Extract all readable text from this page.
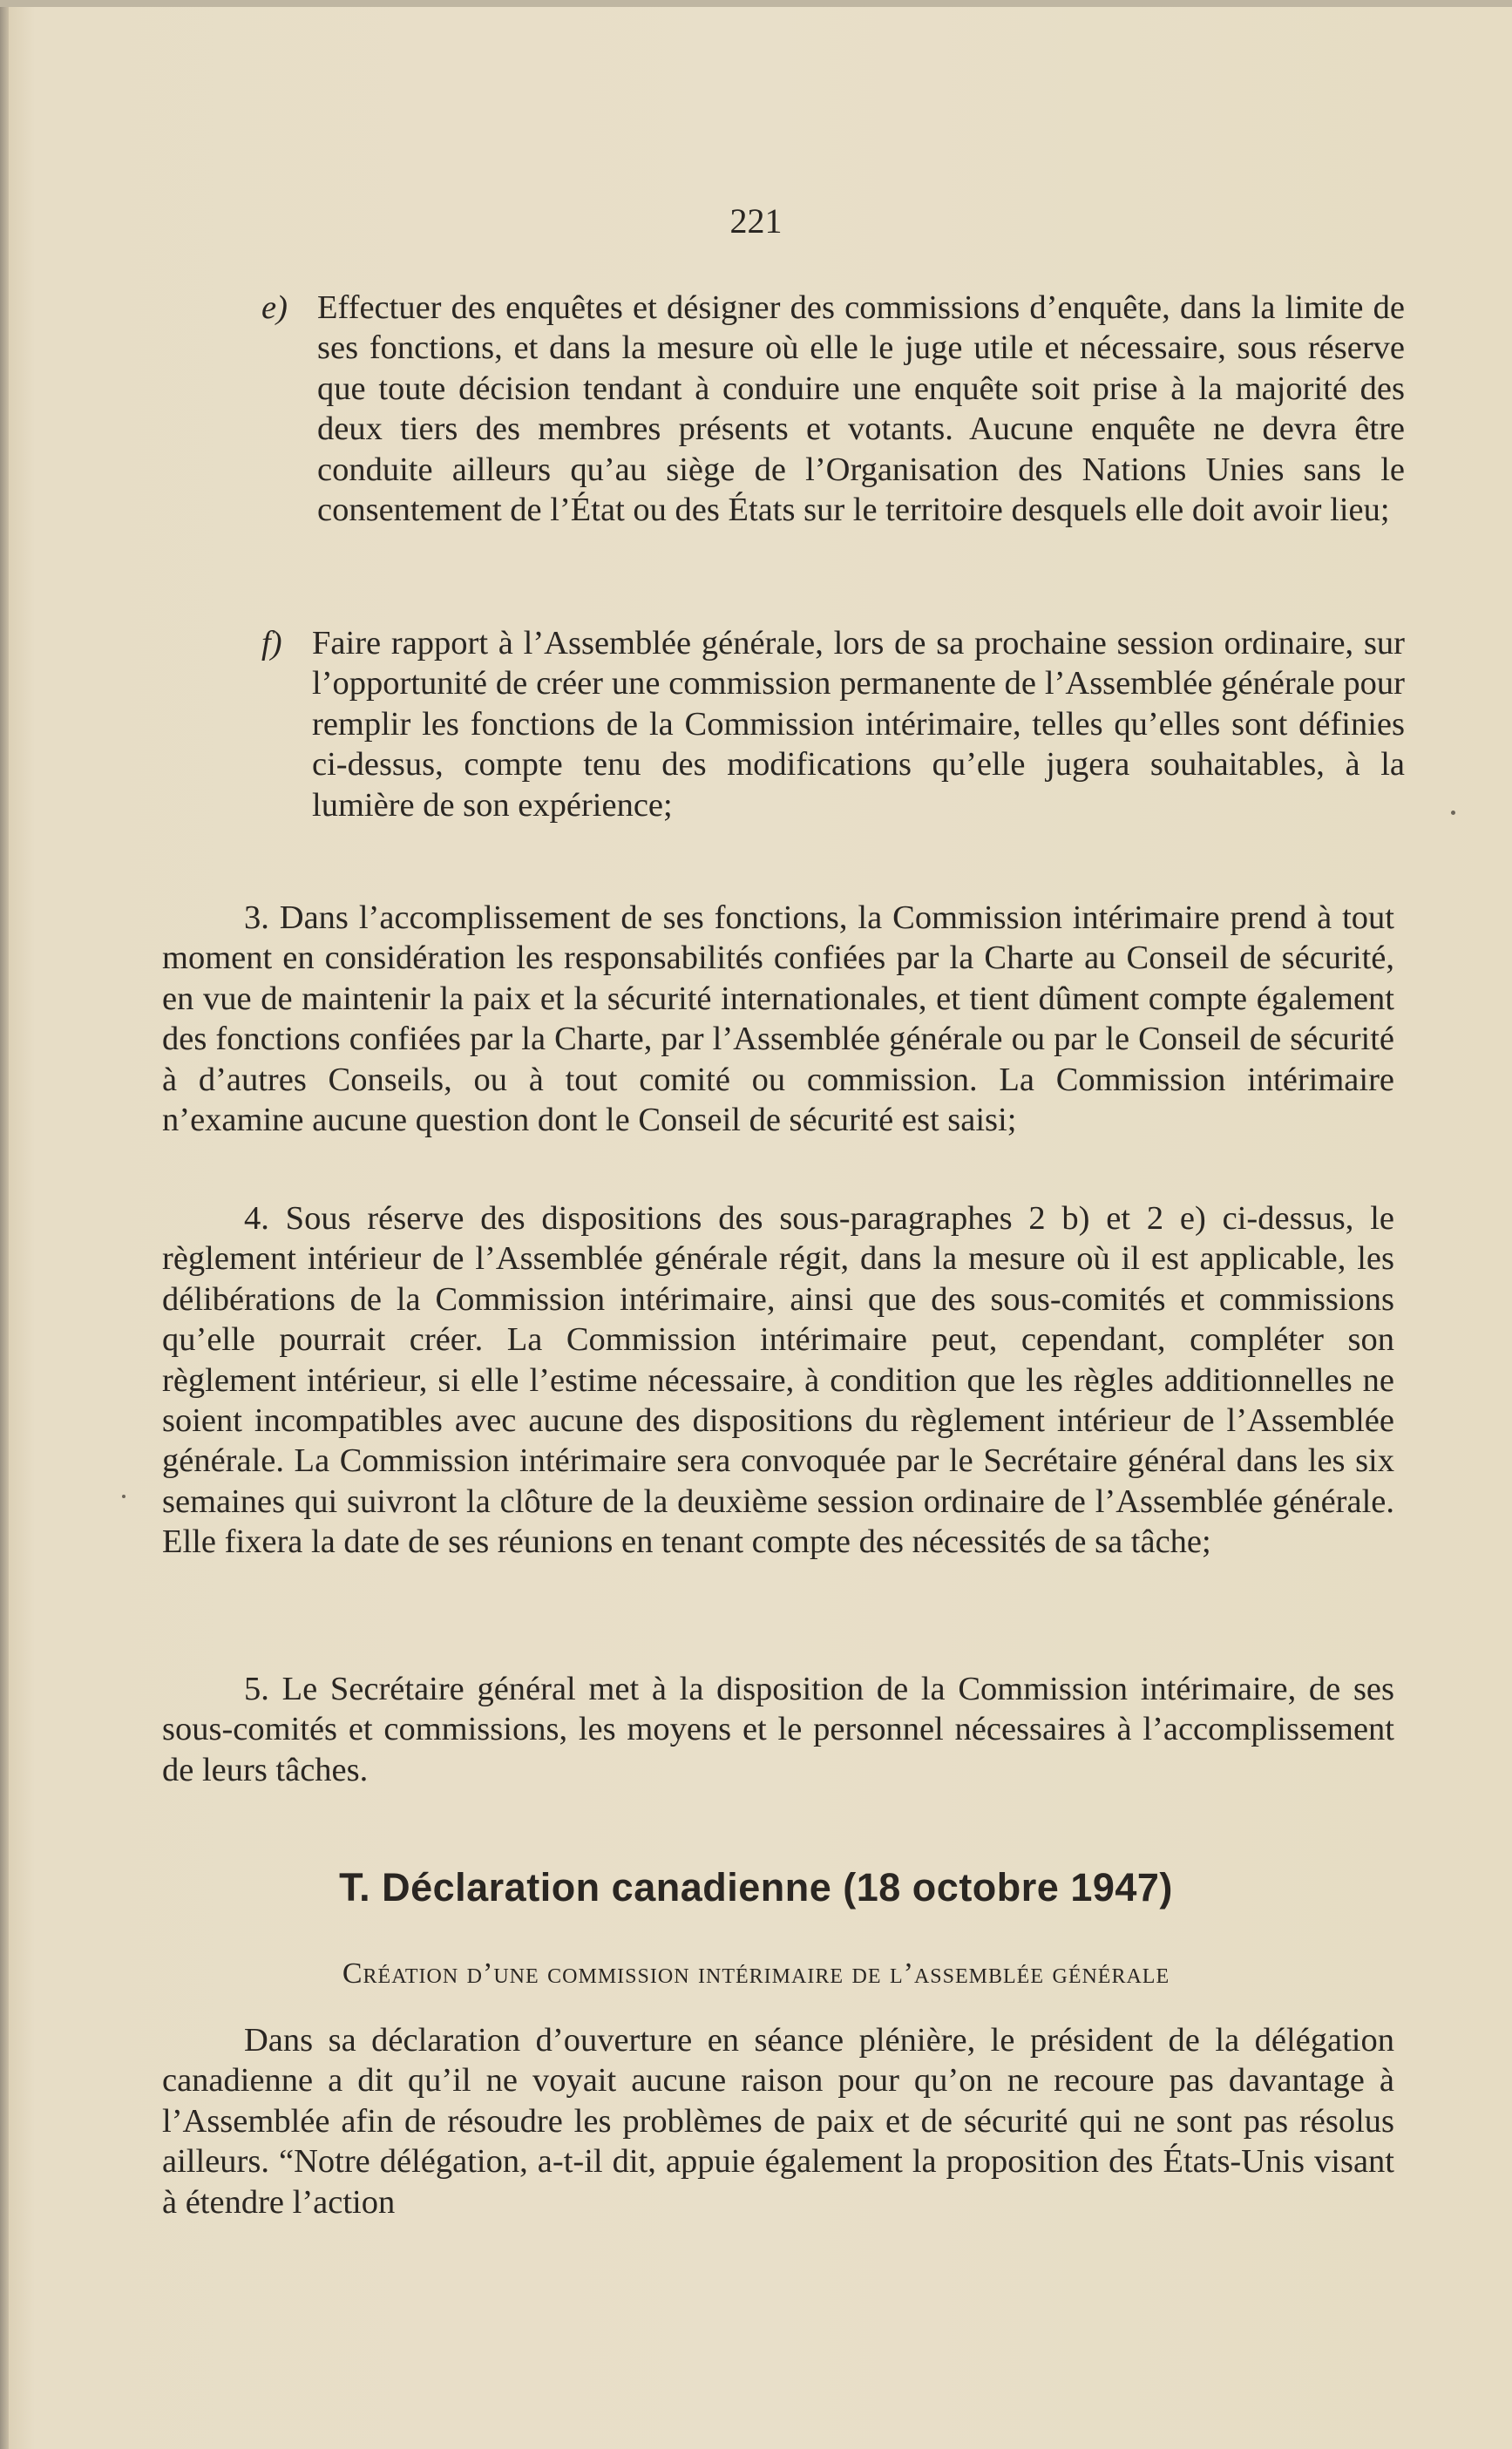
221
e) Effectuer des enquêtes et désigner des commissions d’enquête, dans la limite de ses fonctions, et dans la mesure où elle le juge utile et nécessaire, sous réserve que toute décision tendant à conduire une enquête soit prise à la majorité des deux tiers des membres présents et votants. Aucune enquête ne devra être conduite ailleurs qu’au siège de l’Organisation des Nations Unies sans le consentement de l’État ou des États sur le territoire desquels elle doit avoir lieu;
f) Faire rapport à l’Assemblée générale, lors de sa prochaine session ordinaire, sur l’opportunité de créer une commission permanente de l’Assemblée générale pour remplir les fonctions de la Commission intérimaire, telles qu’elles sont définies ci-dessus, compte tenu des modifications qu’elle jugera souhaitables, à la lumière de son expérience;
3. Dans l’accomplissement de ses fonctions, la Commission intérimaire prend à tout moment en considération les responsabilités confiées par la Charte au Conseil de sécurité, en vue de maintenir la paix et la sécurité internationales, et tient dûment compte également des fonctions confiées par la Charte, par l’Assemblée générale ou par le Conseil de sécurité à d’autres Conseils, ou à tout comité ou commission. La Commission intérimaire n’examine aucune question dont le Conseil de sécurité est saisi;
4. Sous réserve des dispositions des sous-paragraphes 2 b) et 2 e) ci-dessus, le règlement intérieur de l’Assemblée générale régit, dans la mesure où il est applicable, les délibérations de la Commission intérimaire, ainsi que des sous-comités et commissions qu’elle pourrait créer. La Commission intérimaire peut, cependant, compléter son règlement intérieur, si elle l’estime nécessaire, à condition que les règles additionnelles ne soient incompatibles avec aucune des dispositions du règlement intérieur de l’Assemblée générale. La Commission intérimaire sera convoquée par le Secrétaire général dans les six semaines qui suivront la clôture de la deuxième session ordinaire de l’Assemblée générale. Elle fixera la date de ses réunions en tenant compte des nécessités de sa tâche;
5. Le Secrétaire général met à la disposition de la Commission intérimaire, de ses sous-comités et commissions, les moyens et le personnel nécessaires à l’accomplissement de leurs tâches.
T. Déclaration canadienne (18 octobre 1947)
Création d’une commission intérimaire de l’assemblée générale
Dans sa déclaration d’ouverture en séance plénière, le président de la délégation canadienne a dit qu’il ne voyait aucune raison pour qu’on ne recoure pas davantage à l’Assemblée afin de résoudre les problèmes de paix et de sécurité qui ne sont pas résolus ailleurs. “Notre délégation, a-t-il dit, appuie également la proposition des États-Unis visant à étendre l’action
